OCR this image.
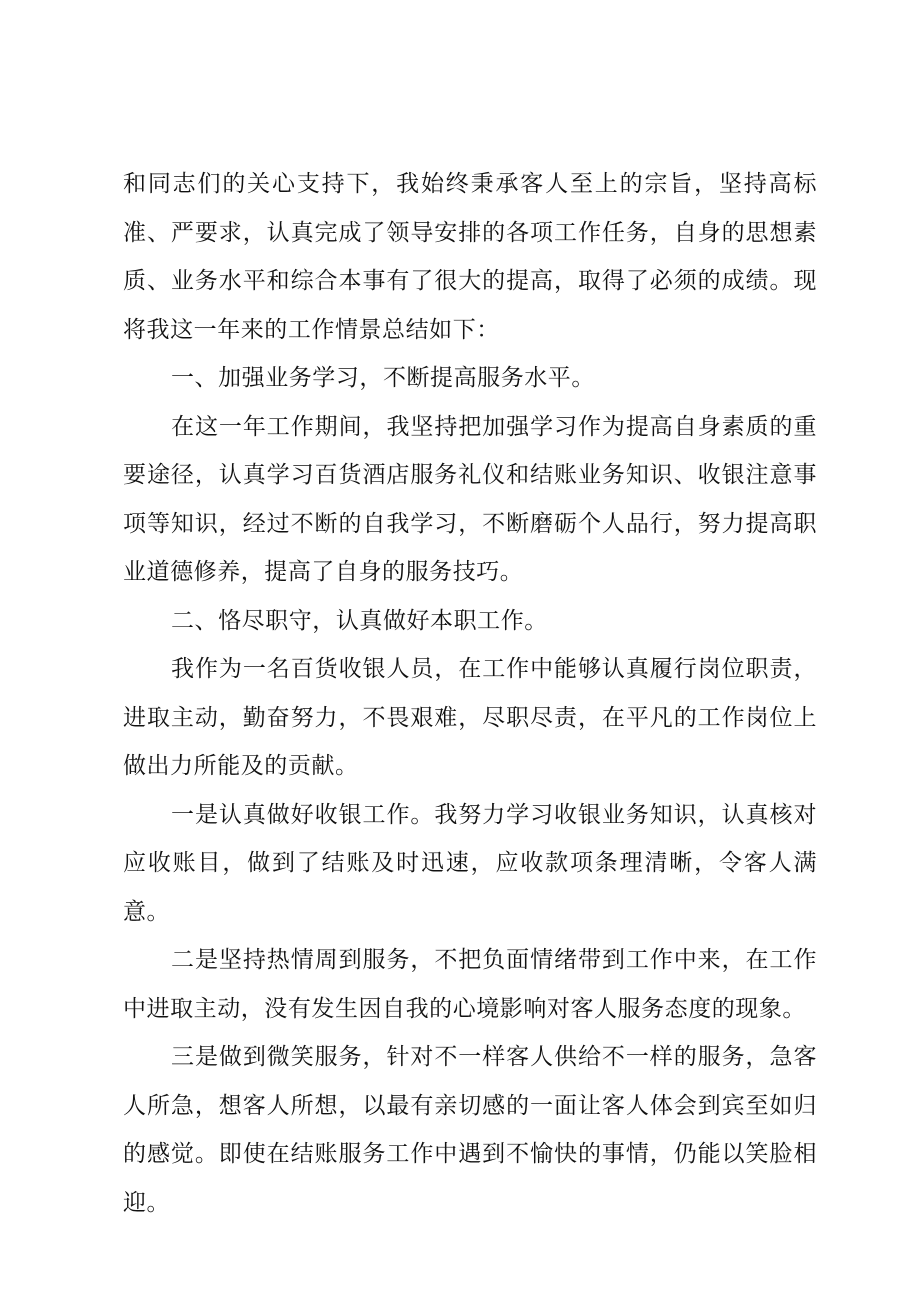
和同志们的关心支持下，我始终秉承客人至上的宗旨，坚持高标准、严要求，认真完成了领导安排的各项工作任务，自身的思想素质、业务水平和综合本事有了很大的提高，取得了必须的成绩。现将我这一年来的工作情景总结如下：

一、加强业务学习，不断提高服务水平。

在这一年工作期间，我坚持把加强学习作为提高自身素质的重要途径，认真学习百货酒店服务礼仪和结账业务知识、收银注意事项等知识，经过不断的自我学习，不断磨砺个人品行，努力提高职业道德修养，提高了自身的服务技巧。

二、恪尽职守，认真做好本职工作。

我作为一名百货收银人员，在工作中能够认真履行岗位职责，进取主动，勤奋努力，不畏艰难，尽职尽责，在平凡的工作岗位上做出力所能及的贡献。

一是认真做好收银工作。我努力学习收银业务知识，认真核对应收账目，做到了结账及时迅速，应收款项条理清晰，令客人满意。

二是坚持热情周到服务，不把负面情绪带到工作中来，在工作中进取主动，没有发生因自我的心境影响对客人服务态度的现象。

三是做到微笑服务，针对不一样客人供给不一样的服务，急客人所急，想客人所想，以最有亲切感的一面让客人体会到宾至如归的感觉。即使在结账服务工作中遇到不愉快的事情，仍能以笑脸相迎。
